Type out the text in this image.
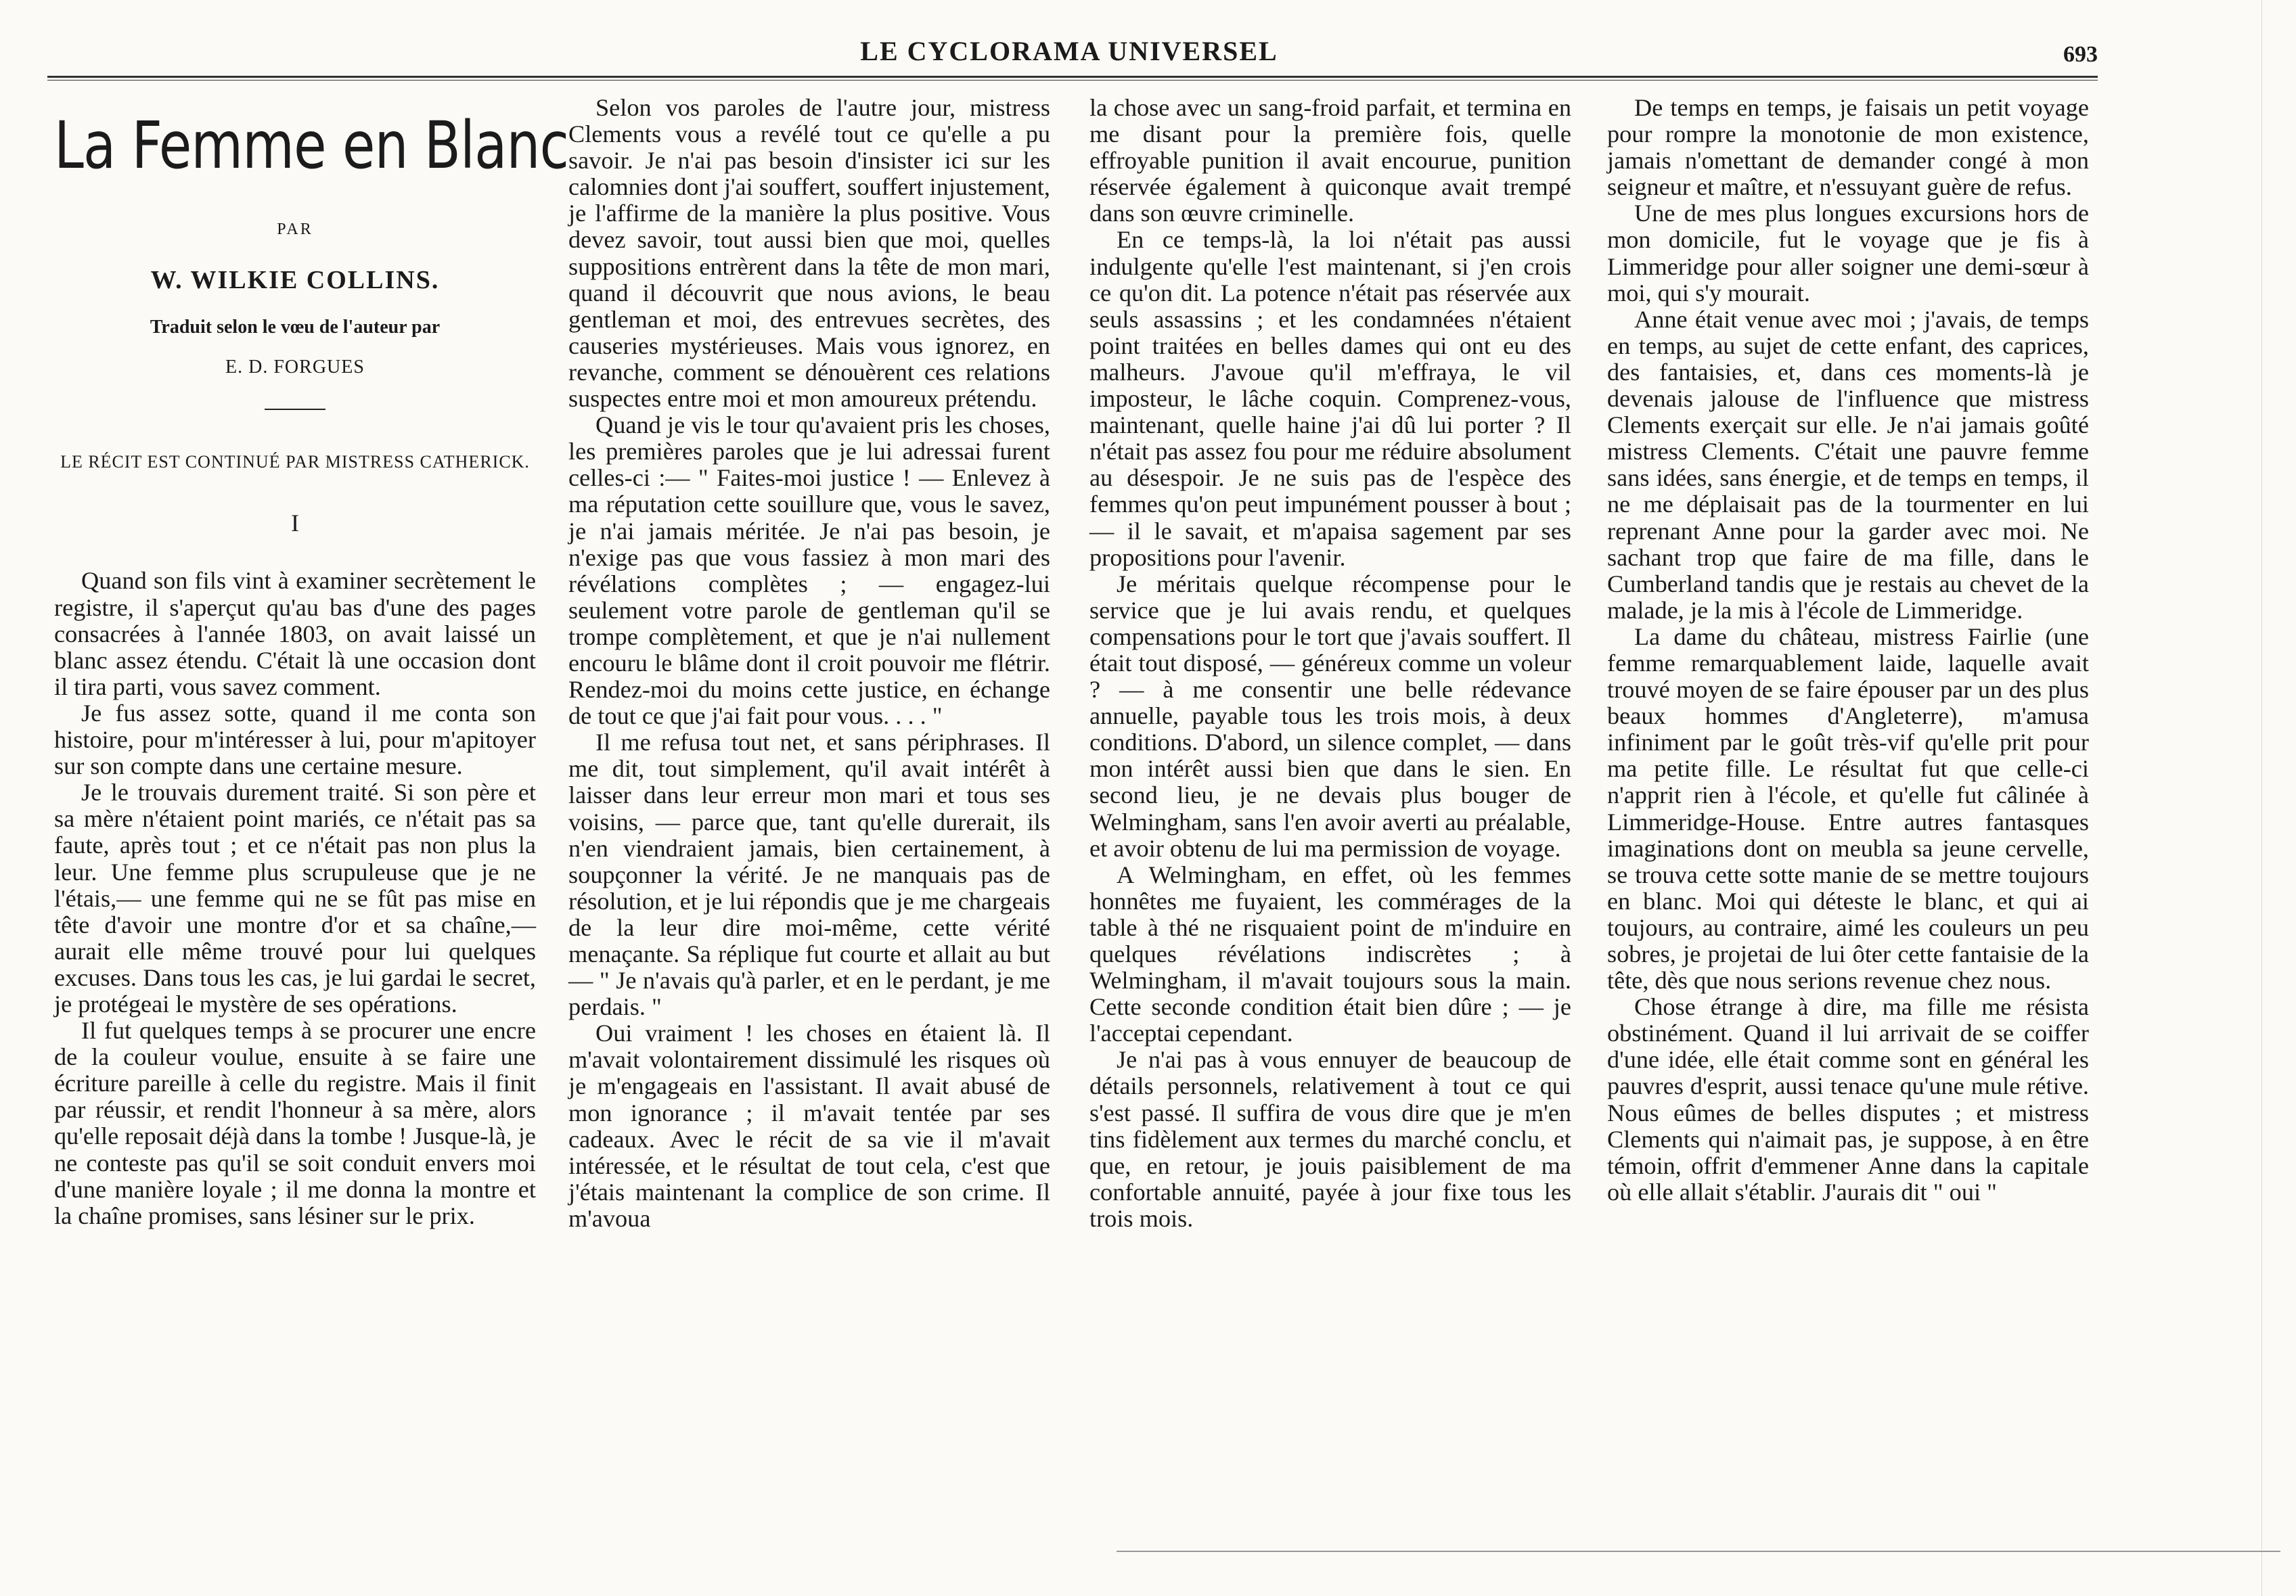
LE CYCLORAMA UNIVERSEL	693
La Femme en Blanc
PAR
W. WILKIE COLLINS.
Traduit selon le vœu de l'auteur par
E. D. FORGUES
LE RÉCIT EST CONTINUÉ PAR MISTRESS CATHERICK.
I

Quand son fils vint à examiner secrètement le registre, il s'aperçut qu'au bas d'une des pages consacrées à l'année 1803, on avait laissé un blanc assez étendu. C'était là une occasion dont il tira parti, vous savez comment.

Je fus assez sotte, quand il me conta son histoire, pour m'intéresser à lui, pour m'apitoyer sur son compte dans une certaine mesure.

Je le trouvais durement traité. Si son père et sa mère n'étaient point mariés, ce n'était pas sa faute, après tout ; et ce n'était pas non plus la leur. Une femme plus scrupuleuse que je ne l'étais,— une femme qui ne se fût pas mise en tête d'avoir une montre d'or et sa chaîne,— aurait elle même trouvé pour lui quelques excuses. Dans tous les cas, je lui gardai le secret, je protégeai le mystère de ses opérations.

Il fut quelques temps à se procurer une encre de la couleur voulue, ensuite à se faire une écriture pareille à celle du registre. Mais il finit par réussir, et rendit l'honneur à sa mère, alors qu'elle reposait déjà dans la tombe ! Jusque-là, je ne conteste pas qu'il se soit conduit envers moi d'une manière loyale ; il me donna la montre et la chaîne promises, sans lésiner sur le prix.

Selon vos paroles de l'autre jour, mistress Clements vous a revélé tout ce qu'elle a pu savoir. Je n'ai pas besoin d'insister ici sur les calomnies dont j'ai souffert, souffert injustement, je l'affirme de la manière la plus positive. Vous devez savoir, tout aussi bien que moi, quelles suppositions entrèrent dans la tête de mon mari, quand il découvrit que nous avions, le beau gentleman et moi, des entrevues secrètes, des causeries mystérieuses. Mais vous ignorez, en revanche, comment se dénouèrent ces relations suspectes entre moi et mon amoureux prétendu.

Quand je vis le tour qu'avaient pris les choses, les premières paroles que je lui adressai furent celles-ci :— " Faites-moi justice ! — Enlevez à ma réputation cette souillure que, vous le savez, je n'ai jamais méritée. Je n'ai pas besoin, je n'exige pas que vous fassiez à mon mari des révélations complètes ; — engagez-lui seulement votre parole de gentleman qu'il se trompe complètement, et que je n'ai nullement encouru le blâme dont il croit pouvoir me flétrir. Rendez-moi du moins cette justice, en échange de tout ce que j'ai fait pour vous. . . . "

Il me refusa tout net, et sans périphrases. Il me dit, tout simplement, qu'il avait intérêt à laisser dans leur erreur mon mari et tous ses voisins, — parce que, tant qu'elle durerait, ils n'en viendraient jamais, bien certainement, à soupçonner la vérité. Je ne manquais pas de résolution, et je lui répondis que je me chargeais de la leur dire moi-même, cette vérité menaçante. Sa réplique fut courte et allait au but — " Je n'avais qu'à parler, et en le perdant, je me perdais. "

Oui vraiment ! les choses en étaient là. Il m'avait volontairement dissimulé les risques où je m'engageais en l'assistant. Il avait abusé de mon ignorance ; il m'avait tentée par ses cadeaux. Avec le récit de sa vie il m'avait intéressée, et le résultat de tout cela, c'est que j'étais maintenant la complice de son crime. Il m'avoua

la chose avec un sang-froid parfait, et termina en me disant pour la première fois, quelle effroyable punition il avait encourue, punition réservée également à quiconque avait trempé dans son œuvre criminelle.

En ce temps-là, la loi n'était pas aussi indulgente qu'elle l'est maintenant, si j'en crois ce qu'on dit. La potence n'était pas réservée aux seuls assassins ; et les condamnées n'étaient point traitées en belles dames qui ont eu des malheurs. J'avoue qu'il m'effraya, le vil imposteur, le lâche coquin. Comprenez-vous, maintenant, quelle haine j'ai dû lui porter ? Il n'était pas assez fou pour me réduire absolument au désespoir. Je ne suis pas de l'espèce des femmes qu'on peut impunément pousser à bout ; — il le savait, et m'apaisa sagement par ses propositions pour l'avenir.

Je méritais quelque récompense pour le service que je lui avais rendu, et quelques compensations pour le tort que j'avais souffert. Il était tout disposé, — généreux comme un voleur ? — à me consentir une belle rédevance annuelle, payable tous les trois mois, à deux conditions. D'abord, un silence complet, — dans mon intérêt aussi bien que dans le sien. En second lieu, je ne devais plus bouger de Welmingham, sans l'en avoir averti au préalable, et avoir obtenu de lui ma permission de voyage.

A Welmingham, en effet, où les femmes honnêtes me fuyaient, les commérages de la table à thé ne risquaient point de m'induire en quelques révélations indiscrètes ; à Welmingham, il m'avait toujours sous la main. Cette seconde condition était bien dûre ; — je l'acceptai cependant.

Je n'ai pas à vous ennuyer de beaucoup de détails personnels, relativement à tout ce qui s'est passé. Il suffira de vous dire que je m'en tins fidèlement aux termes du marché conclu, et que, en retour, je jouis paisiblement de ma confortable annuité, payée à jour fixe tous les trois mois.

De temps en temps, je faisais un petit voyage pour rompre la monotonie de mon existence, jamais n'omettant de demander congé à mon seigneur et maître, et n'essuyant guère de refus.

Une de mes plus longues excursions hors de mon domicile, fut le voyage que je fis à Limmeridge pour aller soigner une demi-sœur à moi, qui s'y mourait.

Anne était venue avec moi ; j'avais, de temps en temps, au sujet de cette enfant, des caprices, des fantaisies, et, dans ces moments-là je devenais jalouse de l'influence que mistress Clements exerçait sur elle. Je n'ai jamais goûté mistress Clements. C'était une pauvre femme sans idées, sans énergie, et de temps en temps, il ne me déplaisait pas de la tourmenter en lui reprenant Anne pour la garder avec moi. Ne sachant trop que faire de ma fille, dans le Cumberland tandis que je restais au chevet de la malade, je la mis à l'école de Limmeridge.

La dame du château, mistress Fairlie (une femme remarquablement laide, laquelle avait trouvé moyen de se faire épouser par un des plus beaux hommes d'Angleterre), m'amusa infiniment par le goût très-vif qu'elle prit pour ma petite fille. Le résultat fut que celle-ci n'apprit rien à l'école, et qu'elle fut câlinée à Limmeridge-House. Entre autres fantasques imaginations dont on meubla sa jeune cervelle, se trouva cette sotte manie de se mettre toujours en blanc. Moi qui déteste le blanc, et qui ai toujours, au contraire, aimé les couleurs un peu sobres, je projetai de lui ôter cette fantaisie de la tête, dès que nous serions revenue chez nous.

Chose étrange à dire, ma fille me résista obstinément. Quand il lui arrivait de se coiffer d'une idée, elle était comme sont en général les pauvres d'esprit, aussi tenace qu'une mule rétive. Nous eûmes de belles disputes ; et mistress Clements qui n'aimait pas, je suppose, à en être témoin, offrit d'emmener Anne dans la capitale où elle allait s'établir. J'aurais dit " oui "
